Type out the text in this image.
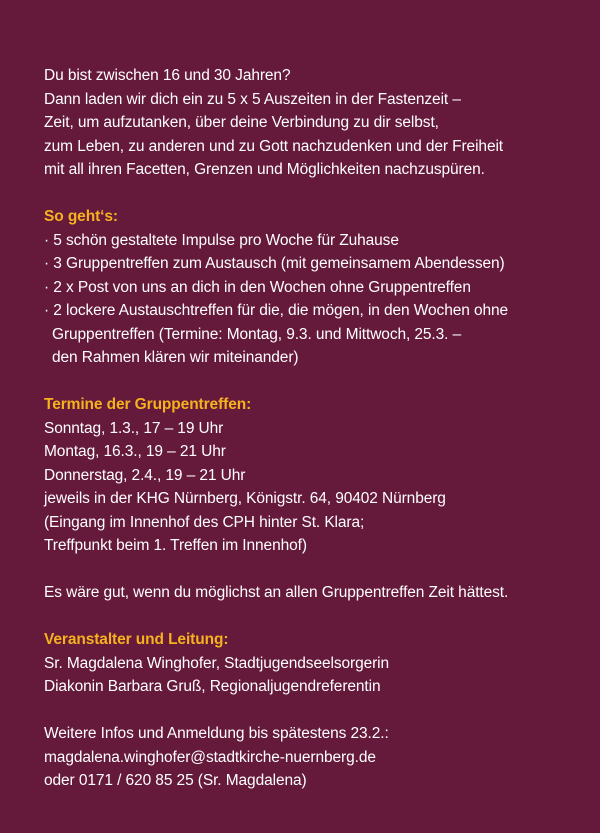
Du bist zwischen 16 und 30 Jahren?
Dann laden wir dich ein zu 5 x 5 Auszeiten in der Fastenzeit –
Zeit, um aufzutanken, über deine Verbindung zu dir selbst,
zum Leben, zu anderen und zu Gott nachzudenken und der Freiheit
mit all ihren Facetten, Grenzen und Möglichkeiten nachzuspüren.
So geht‘s:
· 5 schön gestaltete Impulse pro Woche für Zuhause
· 3 Gruppentreffen zum Austausch (mit gemeinsamem Abendessen)
· 2 x Post von uns an dich in den Wochen ohne Gruppentreffen
· 2 lockere Austauschtreffen für die, die mögen, in den Wochen ohne
Gruppentreffen (Termine: Montag, 9.3. und Mittwoch, 25.3. –
den Rahmen klären wir miteinander)
Termine der Gruppentreffen:
Sonntag, 1.3., 17 – 19 Uhr
Montag, 16.3., 19 – 21 Uhr
Donnerstag, 2.4., 19 – 21 Uhr
jeweils in der KHG Nürnberg, Königstr. 64, 90402 Nürnberg
(Eingang im Innenhof des CPH hinter St. Klara;
Treffpunkt beim 1. Treffen im Innenhof)
Es wäre gut, wenn du möglichst an allen Gruppentreffen Zeit hättest.
Veranstalter und Leitung:
Sr. Magdalena Winghofer, Stadtjugendseelsorgerin
Diakonin Barbara Gruß, Regionaljugendreferentin
Weitere Infos und Anmeldung bis spätestens 23.2.:
magdalena.winghofer@stadtkirche-nuernberg.de
oder 0171 / 620 85 25 (Sr. Magdalena)
